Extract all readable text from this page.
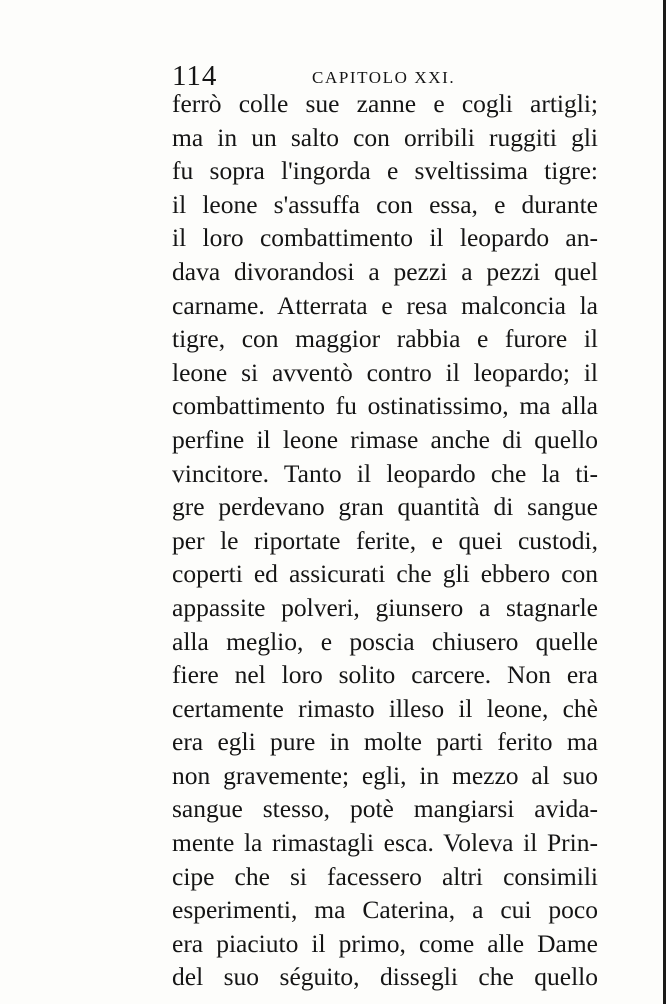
114	CAPITOLO XXI.
ferrò colle sue zanne e cogli artigli;
ma in un salto con orribili ruggiti gli
fu sopra l'ingorda e sveltissima tigre:
il leone s'assuffa con essa, e durante
il loro combattimento il leopardo an-
dava divorandosi a pezzi a pezzi quel
carname. Atterrata e resa malconcia la
tigre, con maggior rabbia e furore il
leone si avventò contro il leopardo; il
combattimento fu ostinatissimo, ma alla
perfine il leone rimase anche di quello
vincitore. Tanto il leopardo che la ti-
gre perdevano gran quantità di sangue
per le riportate ferite, e quei custodi,
coperti ed assicurati che gli ebbero con
appassite polveri, giunsero a stagnarle
alla meglio, e poscia chiusero quelle
fiere nel loro solito carcere. Non era
certamente rimasto illeso il leone, chè
era egli pure in molte parti ferito ma
non gravemente; egli, in mezzo al suo
sangue stesso, potè mangiarsi avida-
mente la rimastagli esca. Voleva il Prin-
cipe che si facessero altri consimili
esperimenti, ma Caterina, a cui poco
era piaciuto il primo, come alle Dame
del suo séguito, dissegli che quello
